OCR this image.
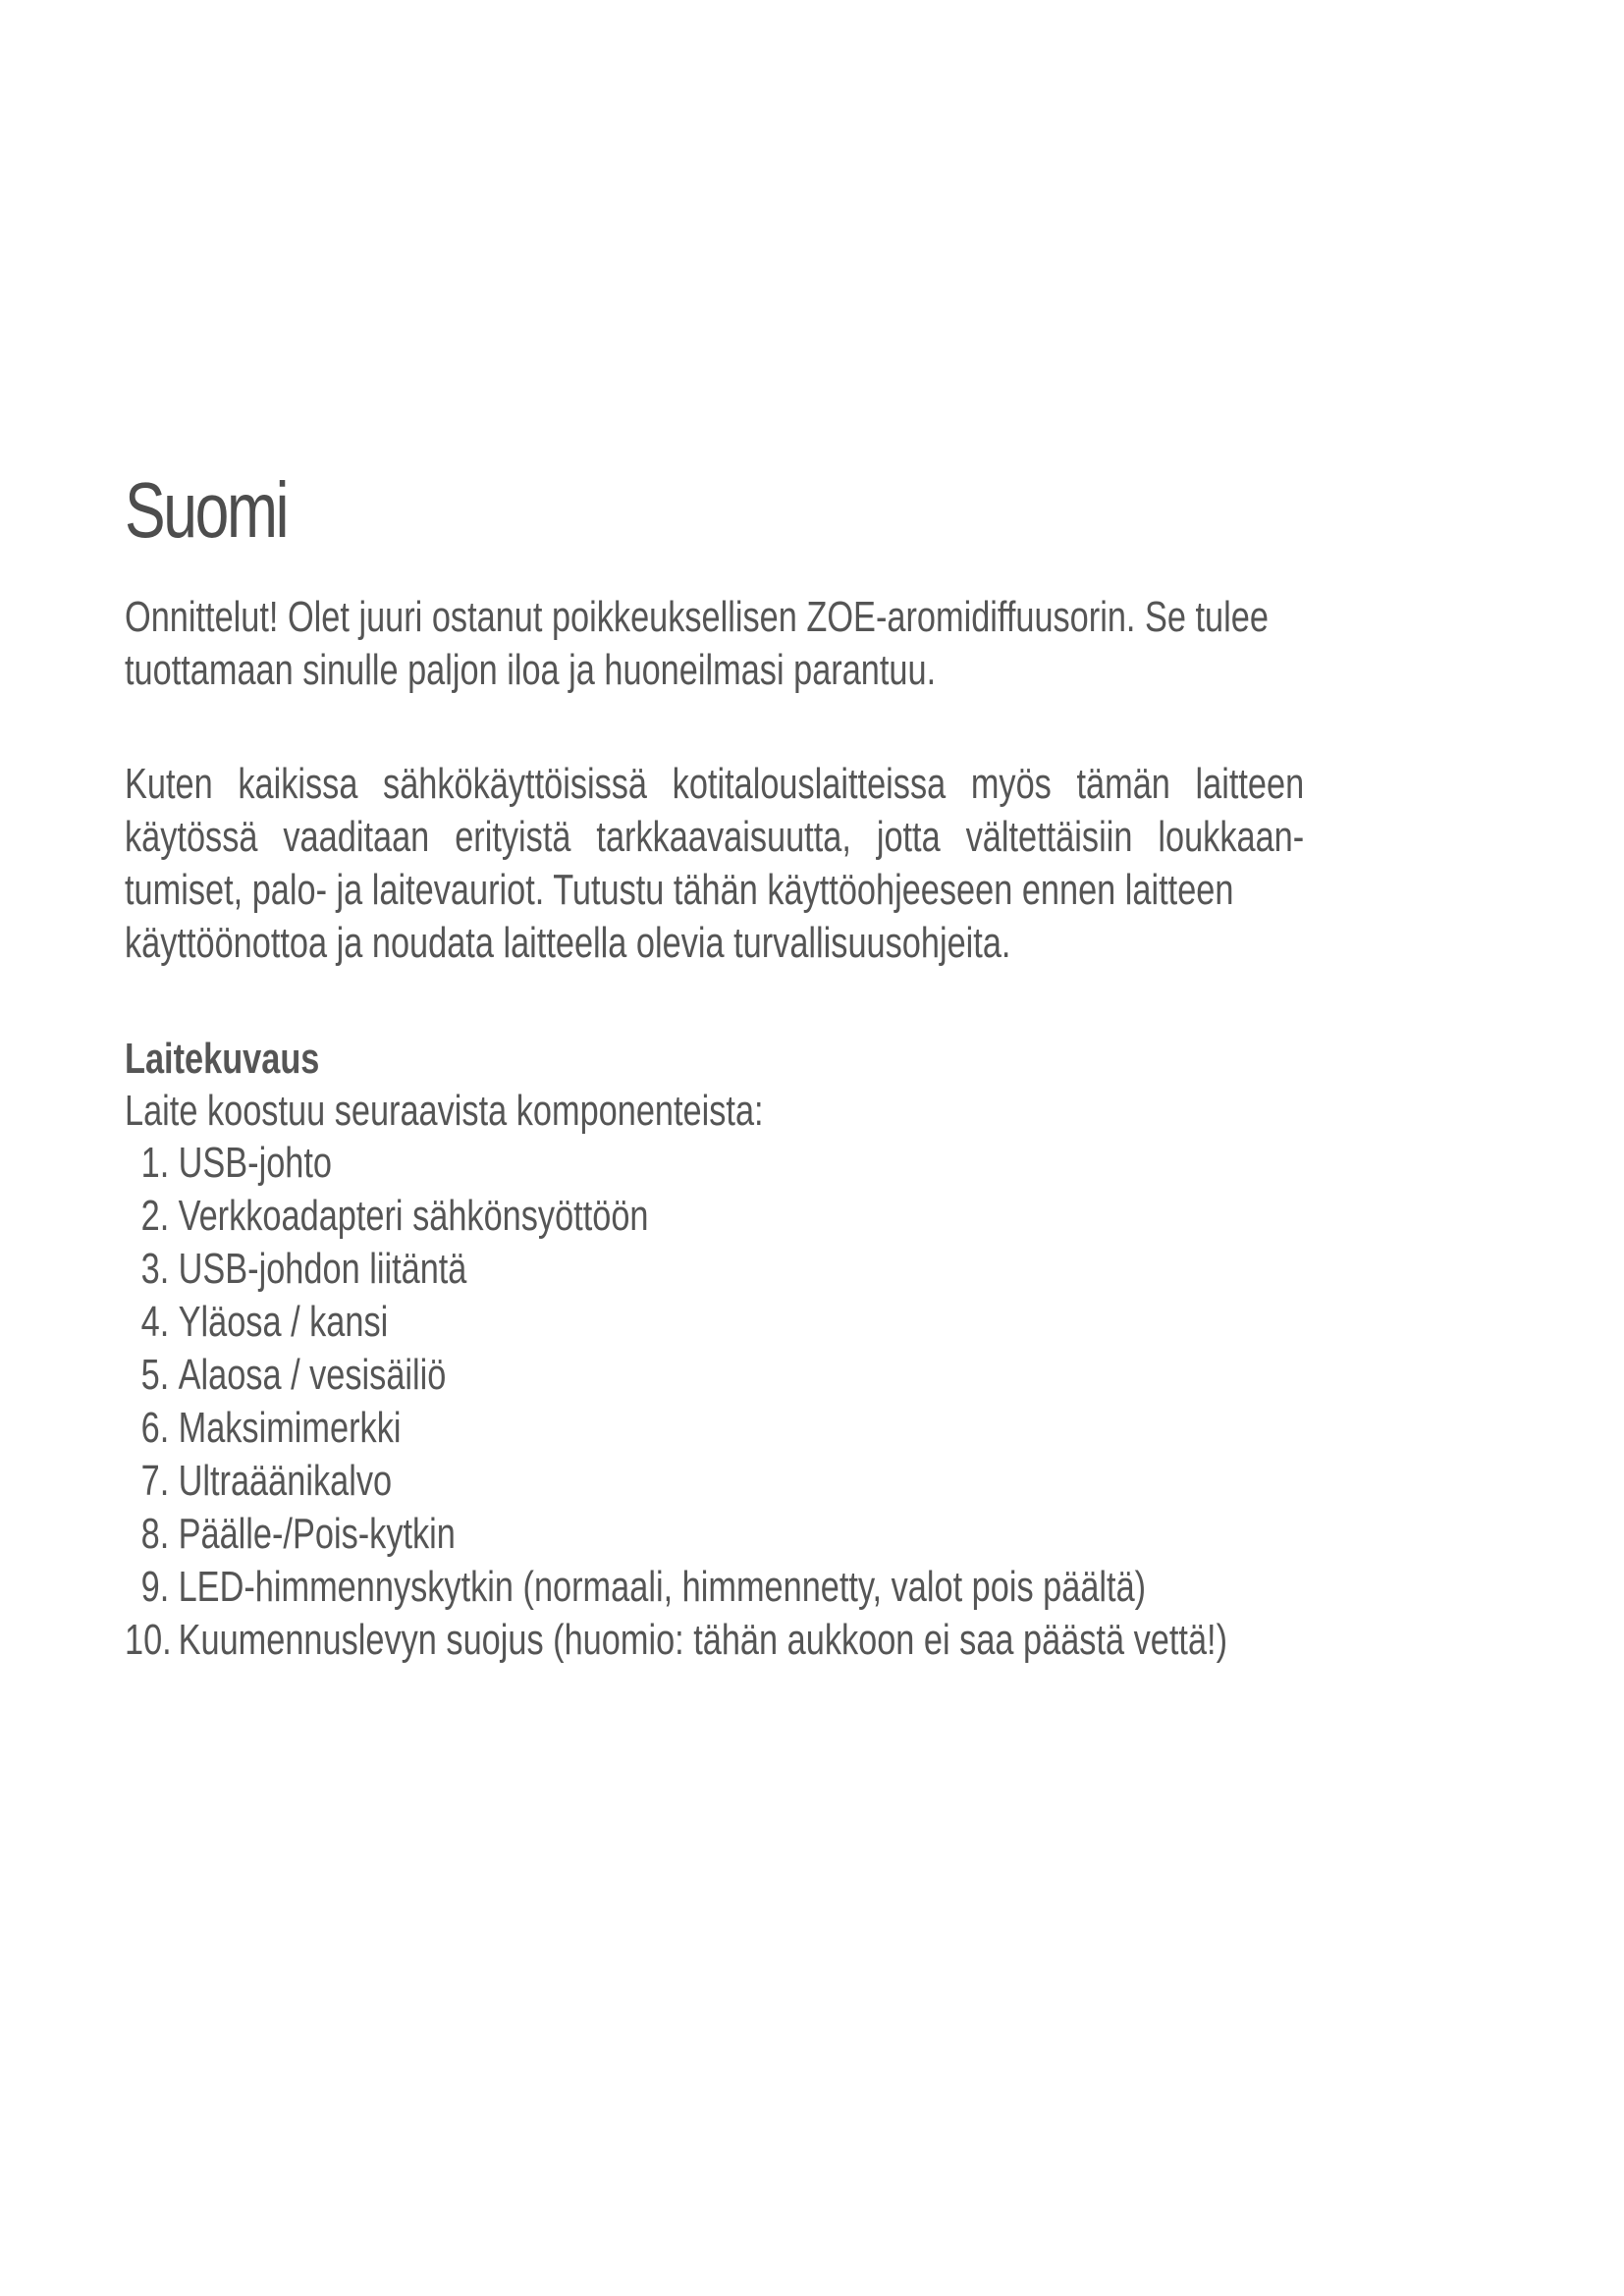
Suomi
Onnittelut! Olet juuri ostanut poikkeuksellisen ZOE-aromidiffuusorin. Se tulee
tuottamaan sinulle paljon iloa ja huoneilmasi parantuu.
Kuten kaikissa sähkökäyttöisissä kotitalouslaitteissa myös tämän laitteen
käytössä vaaditaan erityistä tarkkaavaisuutta, jotta vältettäisiin loukkaan-
tumiset, palo- ja laitevauriot. Tutustu tähän käyttöohjeeseen ennen laitteen
käyttöönottoa ja noudata laitteella olevia turvallisuusohjeita.
Laitekuvaus

Laite koostuu seuraavista komponenteista:

1. USB-johto
2. Verkkoadapteri sähkönsyöttöön
3. USB-johdon liitäntä
4. Yläosa / kansi
5. Alaosa / vesisäiliö
6. Maksimimerkki
7. Ultraäänikalvo
8. Päälle-/Pois-kytkin
9. LED-himmennyskytkin (normaali, himmennetty, valot pois päältä)
10. Kuumennuslevyn suojus (huomio: tähän aukkoon ei saa päästä vettä!)
